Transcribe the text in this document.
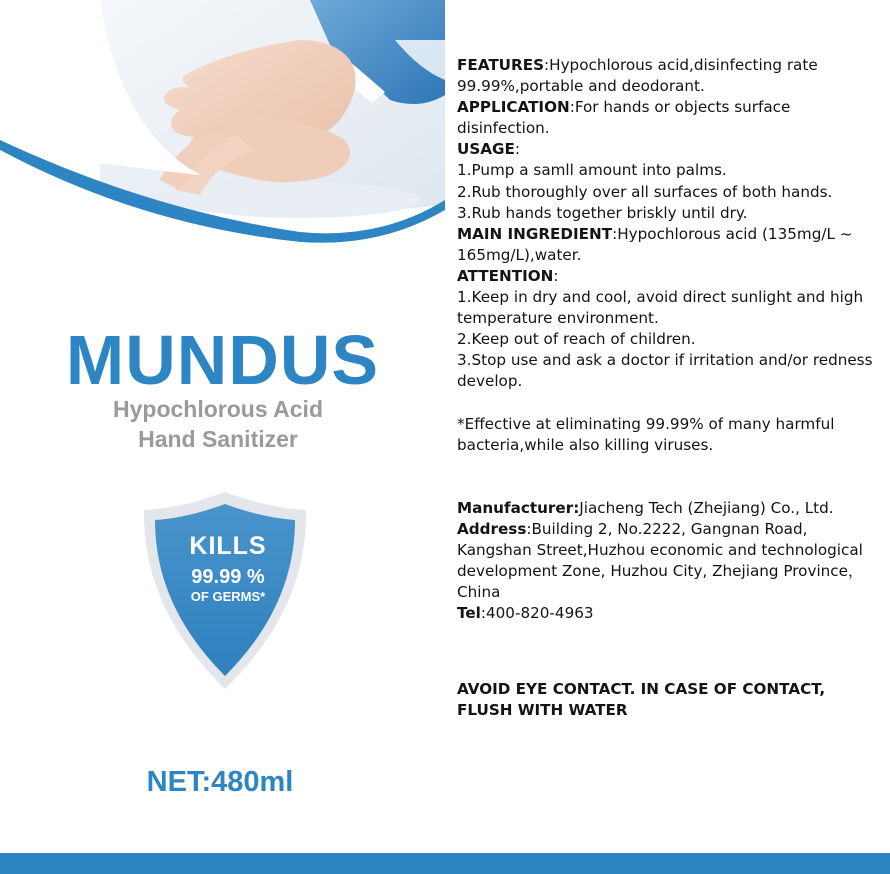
MUNDUS
Hypochlorous Acid
Hand Sanitizer
KILLS
99.99 %
OF GERMS*
NET:480ml

FEATURES:Hypochlorous acid,disinfecting rate 99.99%,portable and deodorant.

APPLICATION:For hands or objects surface disinfection.

USAGE:

1.Pump a samll amount into palms.

2.Rub thoroughly over all surfaces of both hands.

3.Rub hands together briskly until dry.

MAIN INGREDIENT:Hypochlorous acid (135mg/L ~ 165mg/L),water.

ATTENTION:

1.Keep in dry and cool, avoid direct sunlight and high temperature environment.

2.Keep out of reach of children.

3.Stop use and ask a doctor if irritation and/or redness develop.

*Effective at eliminating 99.99% of many harmful bacteria,while also killing viruses.

Manufacturer:Jiacheng Tech (Zhejiang) Co., Ltd.

Address:Building 2, No.2222, Gangnan Road, Kangshan Street,Huzhou economic and technological development Zone, Huzhou City, Zhejiang Province，China

Tel:400-820-4963

AVOID EYE CONTACT. IN CASE OF CONTACT,
FLUSH WITH WATER
